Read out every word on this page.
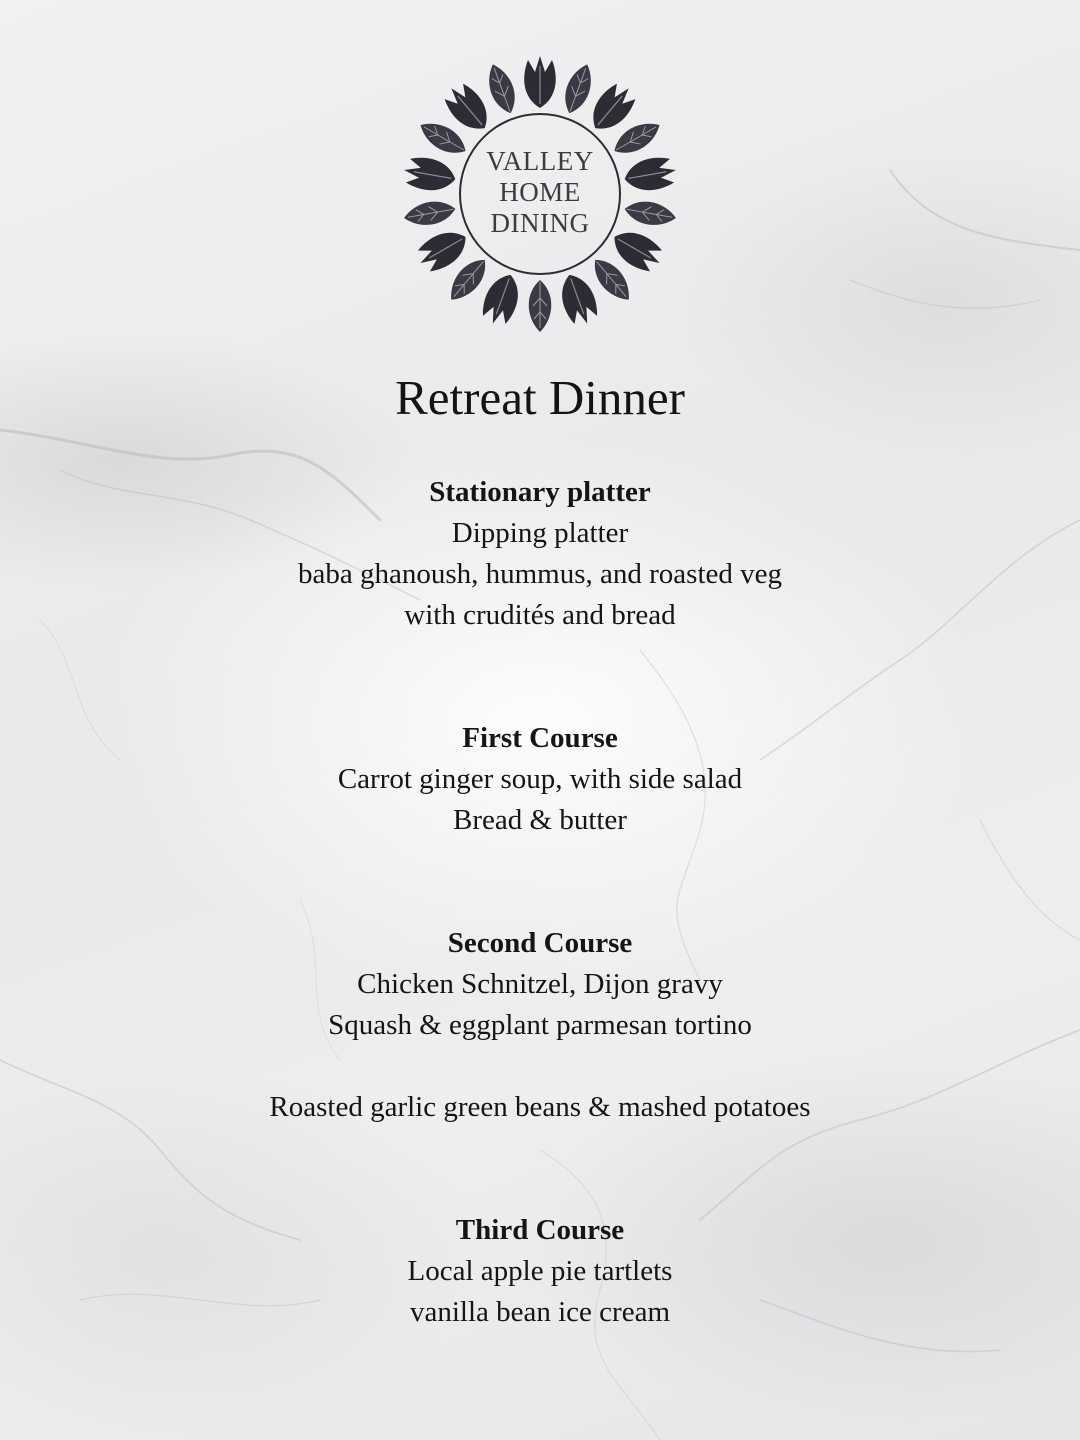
VALLEY
HOME
DINING
Retreat Dinner
Stationary platter
Dipping platter
baba ghanoush, hummus, and roasted veg
with crudités and bread
First Course
Carrot ginger soup, with side salad
Bread & butter
Second Course
Chicken Schnitzel, Dijon gravy
Squash & eggplant parmesan tortino
Roasted garlic green beans & mashed potatoes
Third Course
Local apple pie tartlets
vanilla bean ice cream
